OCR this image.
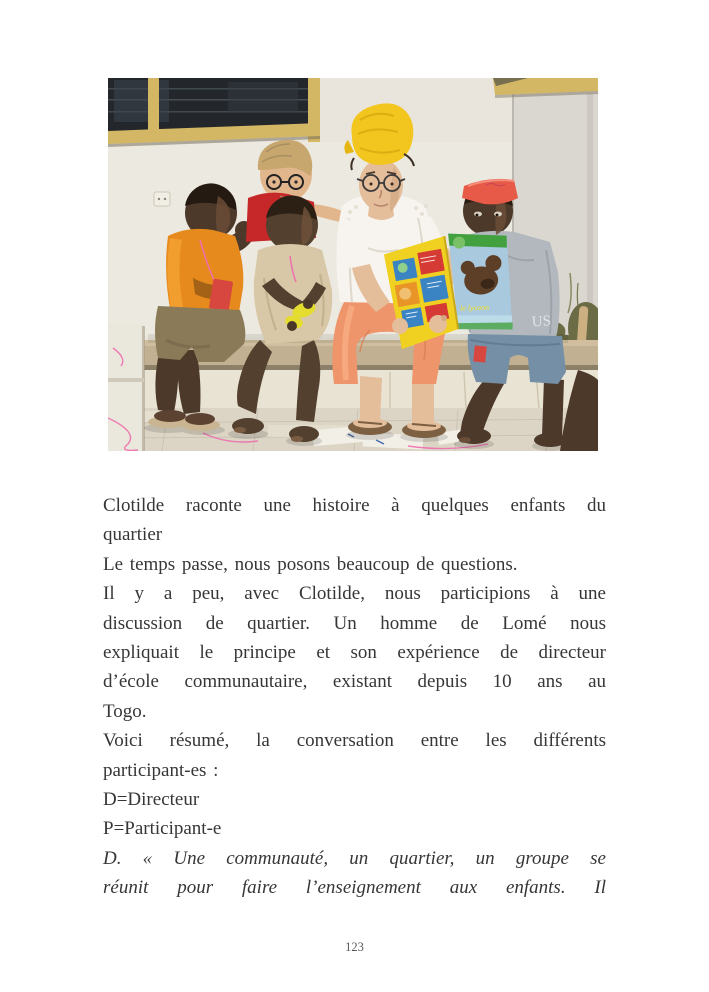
US
le lycaon
Clotilde raconte une histoire à quelques enfants du
quartier
Le temps passe, nous posons beaucoup de questions.
Il y a peu, avec Clotilde, nous participions à une
discussion de quartier. Un homme de Lomé nous
expliquait le principe et son expérience de directeur
d’école communautaire, existant depuis 10 ans au
Togo.
Voici résumé, la conversation entre les différents
participant-es :
D=Directeur
P=Participant-e
D. « Une communauté, un quartier, un groupe se
réunit pour faire l’enseignement aux enfants. Il
123
